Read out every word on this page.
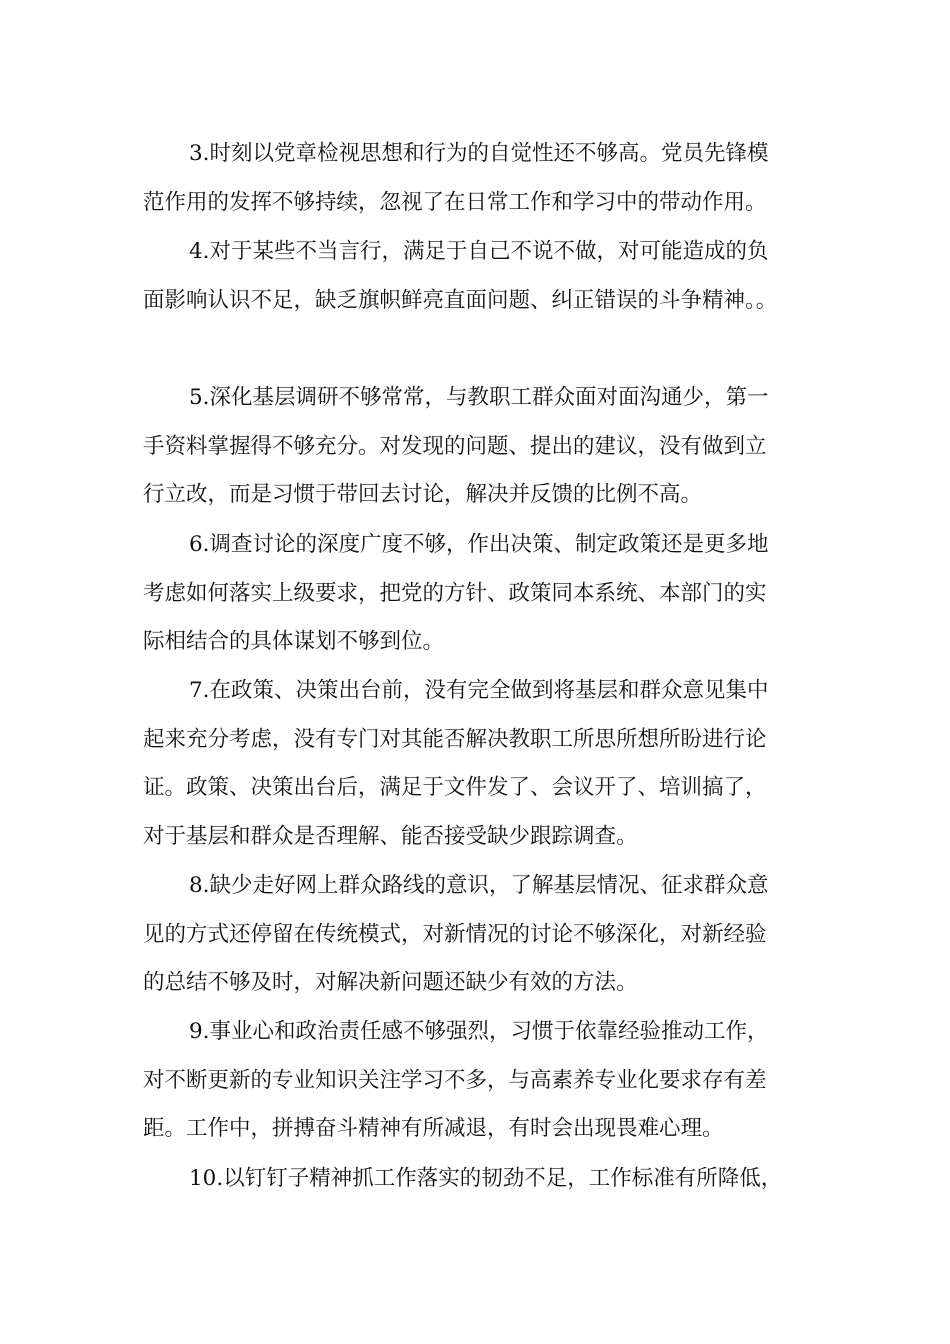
3.时刻以党章检视思想和行为的自觉性还不够高。党员先锋模
范作用的发挥不够持续，忽视了在日常工作和学习中的带动作用。
4.对于某些不当言行，满足于自己不说不做，对可能造成的负
面影响认识不足，缺乏旗帜鲜亮直面问题、纠正错误的斗争精神。。
5.深化基层调研不够常常，与教职工群众面对面沟通少，第一
手资料掌握得不够充分。对发现的问题、提出的建议，没有做到立
行立改，而是习惯于带回去讨论，解决并反馈的比例不高。
6.调查讨论的深度广度不够，作出决策、制定政策还是更多地
考虑如何落实上级要求，把党的方针、政策同本系统、本部门的实
际相结合的具体谋划不够到位。
7.在政策、决策出台前，没有完全做到将基层和群众意见集中
起来充分考虑，没有专门对其能否解决教职工所思所想所盼进行论
证。政策、决策出台后，满足于文件发了、会议开了、培训搞了，
对于基层和群众是否理解、能否接受缺少跟踪调查。
8.缺少走好网上群众路线的意识，了解基层情况、征求群众意
见的方式还停留在传统模式，对新情况的讨论不够深化，对新经验
的总结不够及时，对解决新问题还缺少有效的方法。
9.事业心和政治责任感不够强烈，习惯于依靠经验推动工作，
对不断更新的专业知识关注学习不多，与高素养专业化要求存有差
距。工作中，拼搏奋斗精神有所减退，有时会出现畏难心理。
10.以钉钉子精神抓工作落实的韧劲不足，工作标准有所降低，
